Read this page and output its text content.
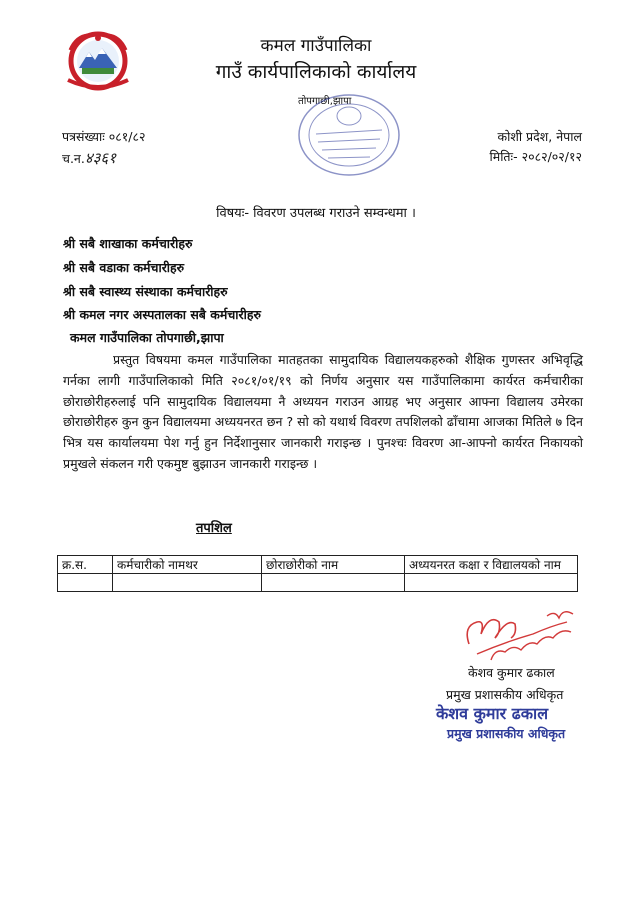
कमल गाउँपालिका
गाउँ कार्यपालिकाको कार्यालय
तोपगाछी,झापा
पत्रसंख्याः ०८१/८२
च.न.४३६१
कोशी प्रदेश, नेपाल
मितिः- २०८२/०२/१२
विषयः- विवरण उपलब्ध गराउने सम्वन्धमा ।
श्री सबै शाखाका कर्मचारीहरु
श्री सबै वडाका कर्मचारीहरु
श्री सबै स्वास्थ्य संस्थाका कर्मचारीहरु
श्री कमल नगर अस्पतालका सबै कर्मचारीहरु
कमल गाउँपालिका तोपगाछी,झापा
प्रस्तुत विषयमा कमल गाउँपालिका मातहतका सामुदायिक विद्यालयकहरुको शैक्षिक गुणस्तर अभिवृद्धि गर्नका लागी गाउँपालिकाको मिति २०८१/०१/१९ को निर्णय अनुसार यस गाउँपालिकामा कार्यरत कर्मचारीका छोराछोरीहरुलाई पनि सामुदायिक विद्यालयमा नै अध्ययन गराउन आग्रह भए अनुसार आफ्ना विद्यालय उमेरका छोराछोरीहरु कुन कुन विद्यालयमा अध्ययनरत छन ? सो को यथार्थ विवरण तपशिलको ढाँचामा आजका मितिले ७ दिन भित्र यस कार्यालयमा पेश गर्नु हुन निर्देशानुसार जानकारी गराइन्छ । पुनश्चः विवरण आ-आफ्नो कार्यरत निकायको प्रमुखले संकलन गरी एकमुष्ट बुझाउन जानकारी गराइन्छ ।
तपशिल
क्र.स.	कर्मचारीको नामथर	छोराछोरीको नाम	अध्ययनरत कक्षा र विद्यालयको नाम

केशव कुमार ढकाल
प्रमुख प्रशासकीय अधिकृत
केशव कुमार ढकाल
प्रमुख प्रशासकीय अधिकृत
